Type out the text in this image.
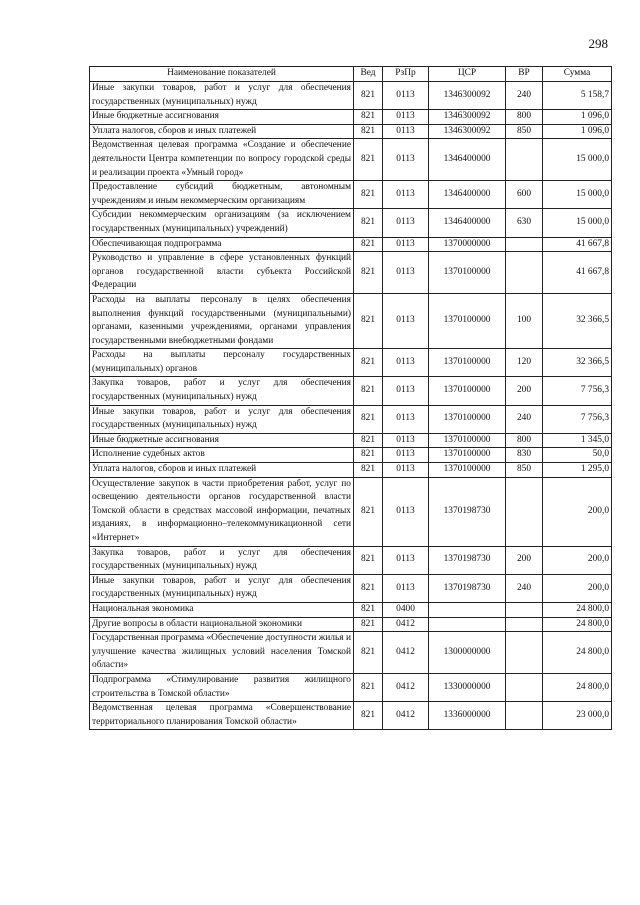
298
Наименование показателей	Вед	РзПр	ЦСР	ВР	Сумма
Иные закупки товаров, работ и услуг для обеспечения государственных (муниципальных) нужд	821	0113	1346300092	240	5 158,7
Иные бюджетные ассигнования	821	0113	1346300092	800	1 096,0
Уплата налогов, сборов и иных платежей	821	0113	1346300092	850	1 096,0
Ведомственная целевая программа «Создание и обеспечение деятельности Центра компетенции по вопросу городской среды и реализации проекта «Умный город»	821	0113	1346400000		15 000,0
Предоставление субсидий бюджетным, автономным учреждениям и иным некоммерческим организациям	821	0113	1346400000	600	15 000,0
Субсидии некоммерческим организациям (за исключением государственных (муниципальных) учреждений)	821	0113	1346400000	630	15 000,0
Обеспечивающая подпрограмма	821	0113	1370000000		41 667,8
Руководство и управление в сфере установленных функций органов государственной власти субъекта Российской Федерации	821	0113	1370100000		41 667,8
Расходы на выплаты персоналу в целях обеспечения выполнения функций государственными (муниципальными) органами, казенными учреждениями, органами управления государственными внебюджетными фондами	821	0113	1370100000	100	32 366,5
Расходы на выплаты персоналу государственных (муниципальных) органов	821	0113	1370100000	120	32 366,5
Закупка товаров, работ и услуг для обеспечения государственных (муниципальных) нужд	821	0113	1370100000	200	7 756,3
Иные закупки товаров, работ и услуг для обеспечения государственных (муниципальных) нужд	821	0113	1370100000	240	7 756,3
Иные бюджетные ассигнования	821	0113	1370100000	800	1 345,0
Исполнение судебных актов	821	0113	1370100000	830	50,0
Уплата налогов, сборов и иных платежей	821	0113	1370100000	850	1 295,0
Осуществление закупок в части приобретения работ, услуг по освещению деятельности органов государственной власти Томской области в средствах массовой информации, печатных изданиях, в информационно–телекоммуникационной сети «Интернет»	821	0113	1370198730		200,0
Закупка товаров, работ и услуг для обеспечения государственных (муниципальных) нужд	821	0113	1370198730	200	200,0
Иные закупки товаров, работ и услуг для обеспечения государственных (муниципальных) нужд	821	0113	1370198730	240	200,0
Национальная экономика	821	0400			24 800,0
Другие вопросы в области национальной экономики	821	0412			24 800,0
Государственная программа «Обеспечение доступности жилья и улучшение качества жилищных условий населения Томской области»	821	0412	1300000000		24 800,0
Подпрограмма «Стимулирование развития жилищного строительства в Томской области»	821	0412	1330000000		24 800,0
Ведомственная целевая программа «Совершенствование территориального планирования Томской области»	821	0412	1336000000		23 000,0
